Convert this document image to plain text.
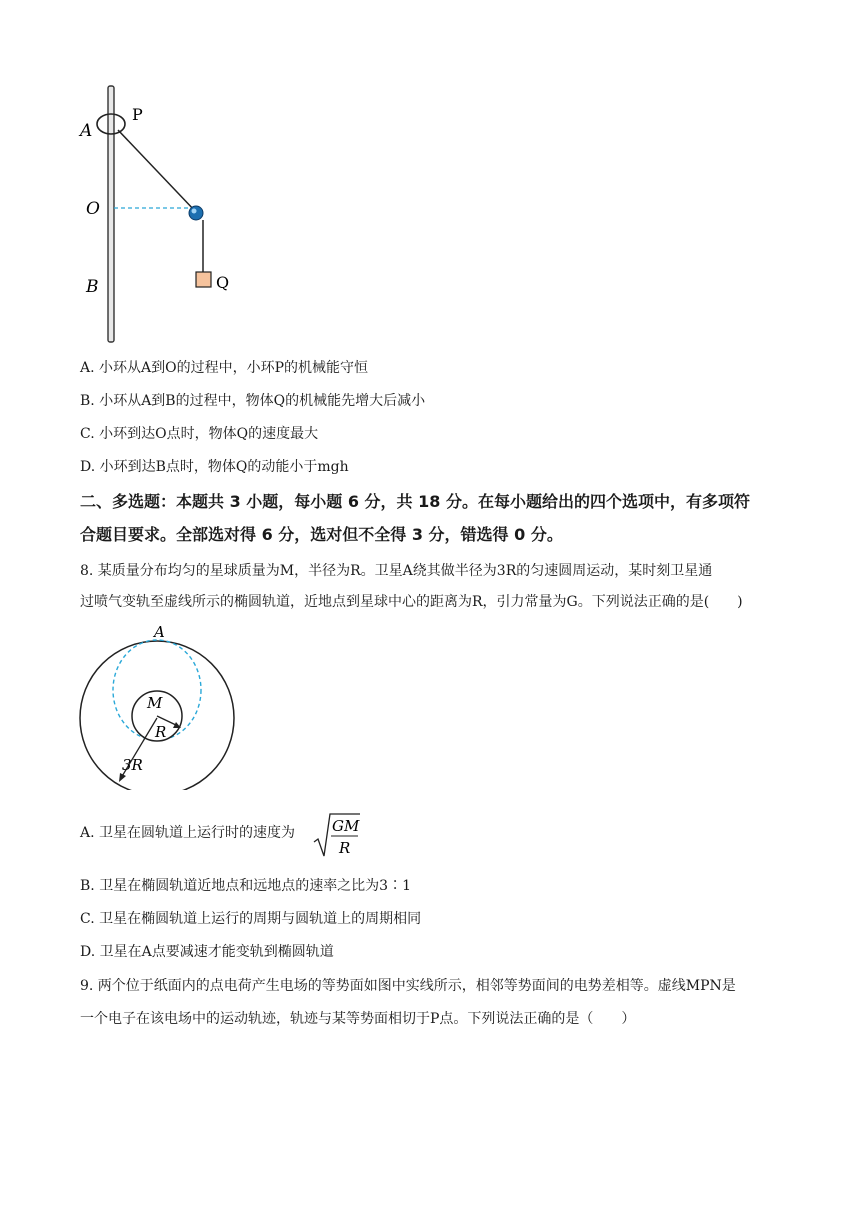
A
P
O
B	Q
A. 小环从A到O的过程中，小环P的机械能守恒
B. 小环从A到B的过程中，物体Q的机械能先增大后减小
C. 小环到达O点时，物体Q的速度最大
D. 小环到达B点时，物体Q的动能小于mgh
二、多选题：本题共 3 小题，每小题 6 分，共 18 分。在每小题给出的四个选项中，有多项符
合题目要求。全部选对得 6 分，选对但不全得 3 分，错选得 0 分。
8. 某质量分布均匀的星球质量为M，半径为R。卫星A绕其做半径为3R的匀速圆周运动，某时刻卫星通
过喷气变轨至虚线所示的椭圆轨道，近地点到星球中心的距离为R，引力常量为G。下列说法正确的是(　　)
A
M
R
3R
A. 卫星在圆轨道上运行时的速度为 GM
R
B. 卫星在椭圆轨道近地点和远地点的速率之比为3∶1
C. 卫星在椭圆轨道上运行的周期与圆轨道上的周期相同
D. 卫星在A点要减速才能变轨到椭圆轨道
9. 两个位于纸面内的点电荷产生电场的等势面如图中实线所示，相邻等势面间的电势差相等。虚线MPN是
一个电子在该电场中的运动轨迹，轨迹与某等势面相切于P点。下列说法正确的是（　　）
